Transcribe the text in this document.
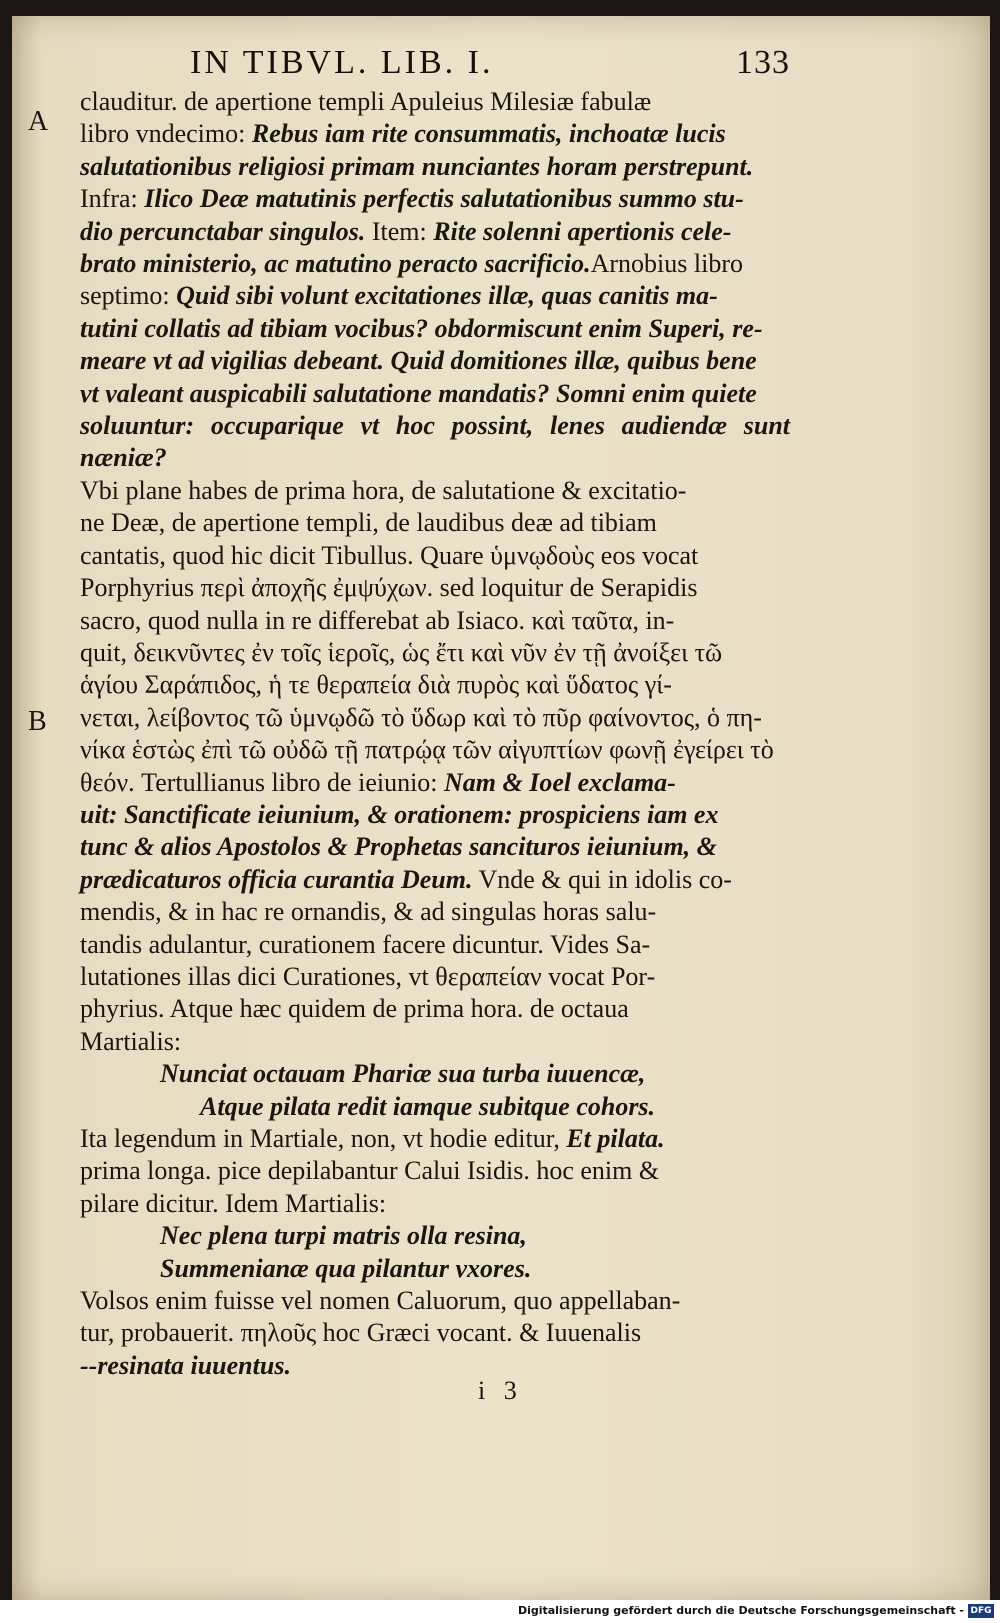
IN TIBVL. LIB. I.	133
A
B

clauditur. de apertione templi Apuleius Milesiæ fabulæ

libro vndecimo: Rebus iam rite consummatis, inchoatæ lucis

salutationibus religiosi primam nunciantes horam perstrepunt.

Infra: Ilico Deæ matutinis perfectis salutationibus summo stu-

dio percunctabar singulos. Item: Rite solenni apertionis cele-

brato ministerio, ac matutino peracto sacrificio.Arnobius libro

septimo: Quid sibi volunt excitationes illæ, quas canitis ma-

tutini collatis ad tibiam vocibus? obdormiscunt enim Superi, re-

meare vt ad vigilias debeant. Quid domitiones illæ, quibus bene

vt valeant auspicabili salutatione mandatis? Somni enim quiete

soluuntur: occuparique vt hoc possint, lenes audiendæ sunt næniæ?

Vbi plane habes de prima hora, de salutatione & excitatio-

ne Deæ, de apertione templi, de laudibus deæ ad tibiam

cantatis, quod hic dicit Tibullus. Quare ὑμνῳδοὺς eos vocat

Porphyrius περὶ ἀποχῆς ἐμψύχων. sed loquitur de Serapidis

sacro, quod nulla in re differebat ab Isiaco. καὶ ταῦτα, in-

quit, δεικνῦντες ἐν τοῖς ἱεροῖς, ὡς ἔτι καὶ νῦν ἐν τῇ ἀνοίξει τῶ

ἁγίου Σαράπιδος, ἡ τε θεραπεία διὰ πυρὸς καὶ ὕδατος γί-

νεται, λείβοντος τῶ ὑμνῳδῶ τὸ ὕδωρ καὶ τὸ πῦρ φαίνοντος, ὁ πη-

νίκα ἑστὼς ἐπὶ τῶ οὐδῶ τῇ πατρῴᾳ τῶν αἰγυπτίων φωνῇ ἐγείρει τὸ

θεόν. Tertullianus libro de ieiunio: Nam & Ioel exclama-

uit: Sanctificate ieiunium, & orationem: prospiciens iam ex

tunc & alios Apostolos & Prophetas sancituros ieiunium, &

prædicaturos officia curantia Deum. Vnde & qui in idolis co-

mendis, & in hac re ornandis, & ad singulas horas salu-

tandis adulantur, curationem facere dicuntur. Vides Sa-

lutationes illas dici Curationes, vt θεραπείαν vocat Por-

phyrius. Atque hæc quidem de prima hora. de octaua

Martialis:

Nunciat octauam Phariæ sua turba iuuencæ,

Atque pilata redit iamque subitque cohors.

Ita legendum in Martiale, non, vt hodie editur, Et pilata.

prima longa. pice depilabantur Calui Isidis. hoc enim &

pilare dicitur. Idem Martialis:

Nec plena turpi matris olla resina,

Summenianæ qua pilantur vxores.

Volsos enim fuisse vel nomen Caluorum, quo appellaban-

tur, probauerit. πηλοῦς hoc Græci vocant. & Iuuenalis

--resinata iuuentus.

i 3
Digitalisierung gefördert durch die Deutsche Forschungsgemeinschaft - DFG
